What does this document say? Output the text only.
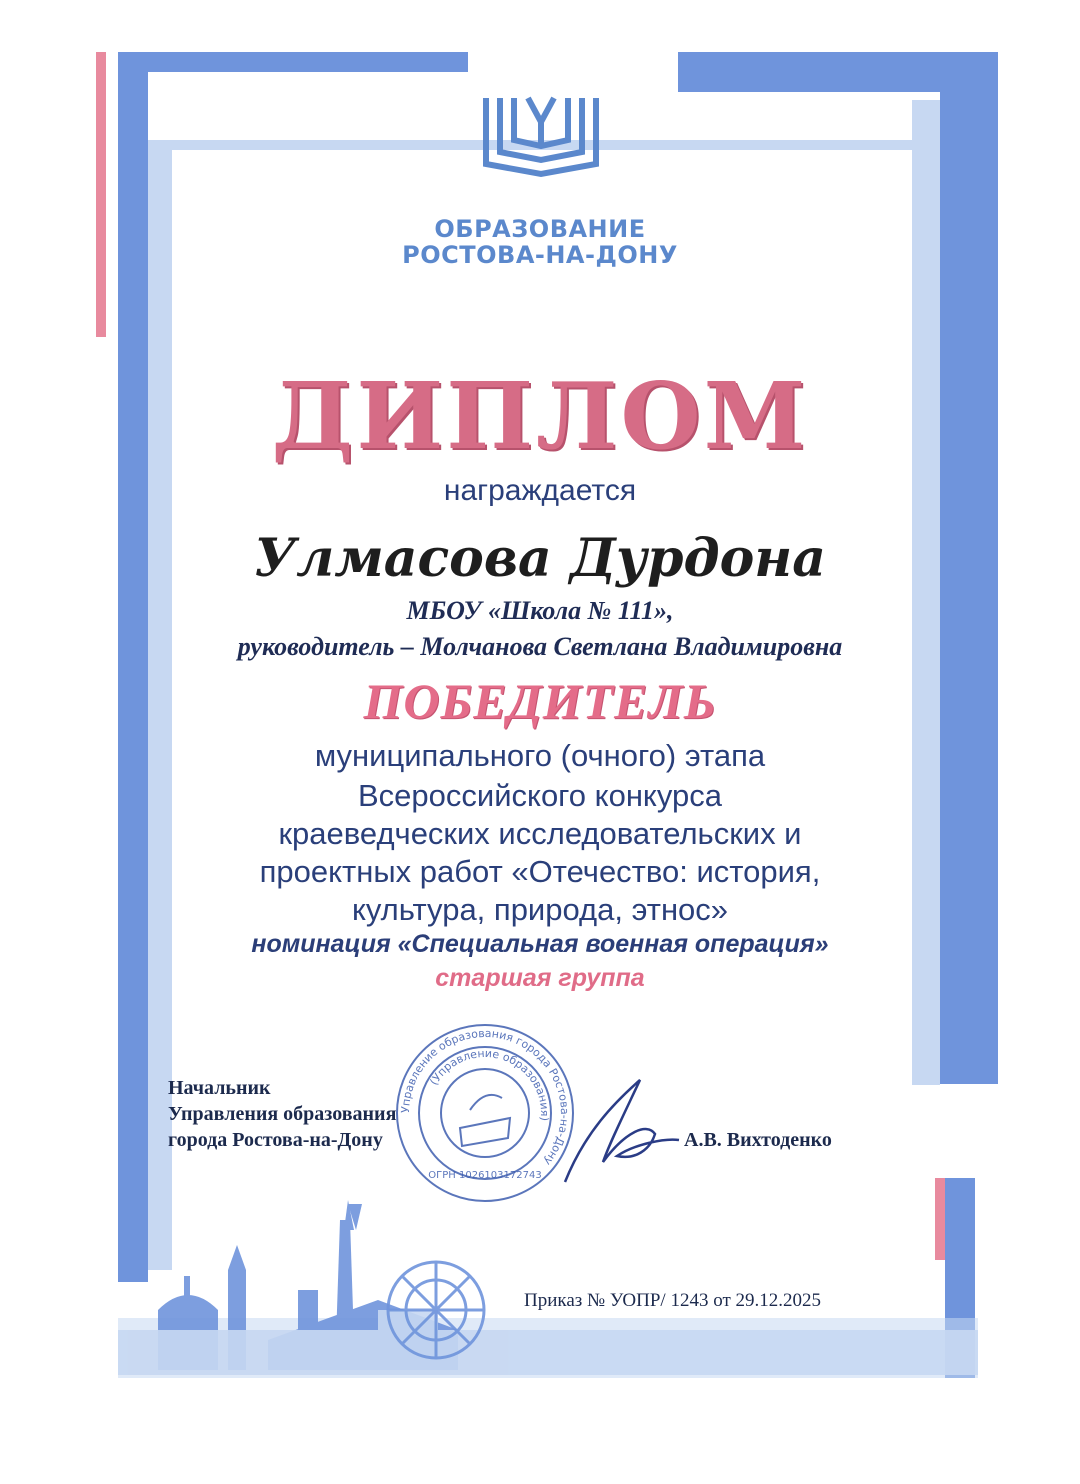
ОБРАЗОВАНИЕ
РОСТОВА-НА-ДОНУ
ДИПЛОМ
награждается
Улмасова Дурдона
МБОУ «Школа № 111»,
руководитель – Молчанова Светлана Владимировна
ПОБЕДИТЕЛЬ
муниципального (очного) этапа
Всероссийского конкурса
краеведческих исследовательских и
проектных работ «Отечество: история,
культура, природа, этнос»
номинация «Специальная военная операция»
старшая группа
Начальник
Управления образования
города Ростова-на-Дону	А.В. Вихтоденко
Управление образования города Ростова-на-Дону
(Управление образования)
ОГРН 1026103172743
Приказ № УОПР/ 1243 от 29.12.2025
